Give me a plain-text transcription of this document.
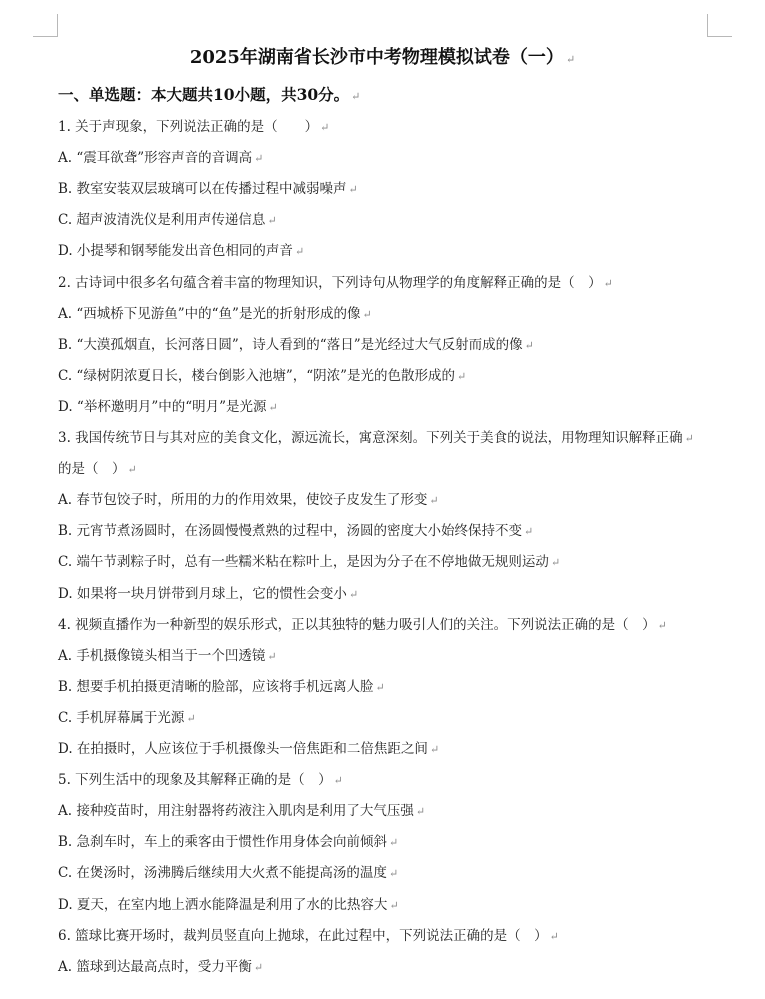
2025年湖南省长沙市中考物理模拟试卷（一） ↵
一、单选题：本大题共10小题，共30分。 ↵
1. 关于声现象，下列说法正确的是（　　） ↵
A. “震耳欲聋”形容声音的音调高 ↵
B. 教室安装双层玻璃可以在传播过程中减弱噪声 ↵
C. 超声波清洗仪是利用声传递信息 ↵
D. 小提琴和钢琴能发出音色相同的声音 ↵
2. 古诗词中很多名句蕴含着丰富的物理知识，下列诗句从物理学的角度解释正确的是（　） ↵
A. “西城桥下见游鱼”中的“鱼”是光的折射形成的像 ↵
B. “大漠孤烟直，长河落日圆”，诗人看到的“落日”是光经过大气反射而成的像 ↵
C. “绿树阴浓夏日长，楼台倒影入池塘”，“阴浓”是光的色散形成的 ↵
D. “举杯邀明月”中的“明月”是光源 ↵
3. 我国传统节日与其对应的美食文化，源远流长，寓意深刻。下列关于美食的说法，用物理知识解释正确 ↵
的是（　） ↵
A. 春节包饺子时，所用的力的作用效果，使饺子皮发生了形变 ↵
B. 元宵节煮汤圆时，在汤圆慢慢煮熟的过程中，汤圆的密度大小始终保持不变 ↵
C. 端午节剥粽子时，总有一些糯米粘在粽叶上，是因为分子在不停地做无规则运动 ↵
D. 如果将一块月饼带到月球上，它的惯性会变小 ↵
4. 视频直播作为一种新型的娱乐形式，正以其独特的魅力吸引人们的关注。下列说法正确的是（　） ↵
A. 手机摄像镜头相当于一个凹透镜 ↵
B. 想要手机拍摄更清晰的脸部，应该将手机远离人脸 ↵
C. 手机屏幕属于光源 ↵
D. 在拍摄时，人应该位于手机摄像头一倍焦距和二倍焦距之间 ↵
5. 下列生活中的现象及其解释正确的是（　） ↵
A. 接种疫苗时，用注射器将药液注入肌肉是利用了大气压强 ↵
B. 急刹车时，车上的乘客由于惯性作用身体会向前倾斜 ↵
C. 在煲汤时，汤沸腾后继续用大火煮不能提高汤的温度 ↵
D. 夏天，在室内地上洒水能降温是利用了水的比热容大 ↵
6. 篮球比赛开场时，裁判员竖直向上抛球，在此过程中，下列说法正确的是（　） ↵
A. 篮球到达最高点时，受力平衡 ↵
